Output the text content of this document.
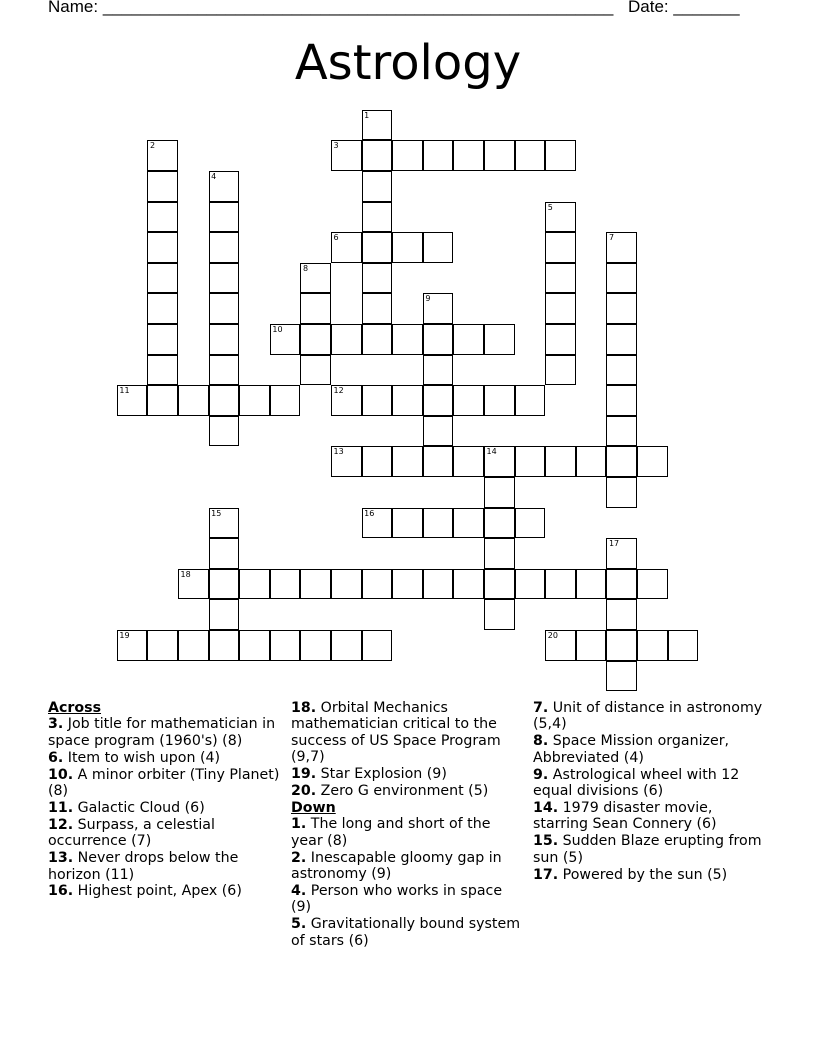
Name: ______________________________________________________ Date: _______
Astrology
1
2	3
4
5
6	7
8
9
10
11	12
13	14
15	16
17
18
19	20
Across
3. Job title for mathematician in space program (1960's) (8)
6. Item to wish upon (4)
10. A minor orbiter (Tiny Planet) (8)
11. Galactic Cloud (6)
12. Surpass, a celestial occurrence (7)
13. Never drops below the horizon (11)
16. Highest point, Apex (6)
18. Orbital Mechanics mathematician critical to the success of US Space Program (9,7)
19. Star Explosion (9)
20. Zero G environment (5)
Down
1. The long and short of the year (8)
2. Inescapable gloomy gap in astronomy (9)
4. Person who works in space (9)
5. Gravitationally bound system of stars (6)
7. Unit of distance in astronomy (5,4)
8. Space Mission organizer, Abbreviated (4)
9. Astrological wheel with 12 equal divisions (6)
14. 1979 disaster movie, starring Sean Connery (6)
15. Sudden Blaze erupting from sun (5)
17. Powered by the sun (5)
